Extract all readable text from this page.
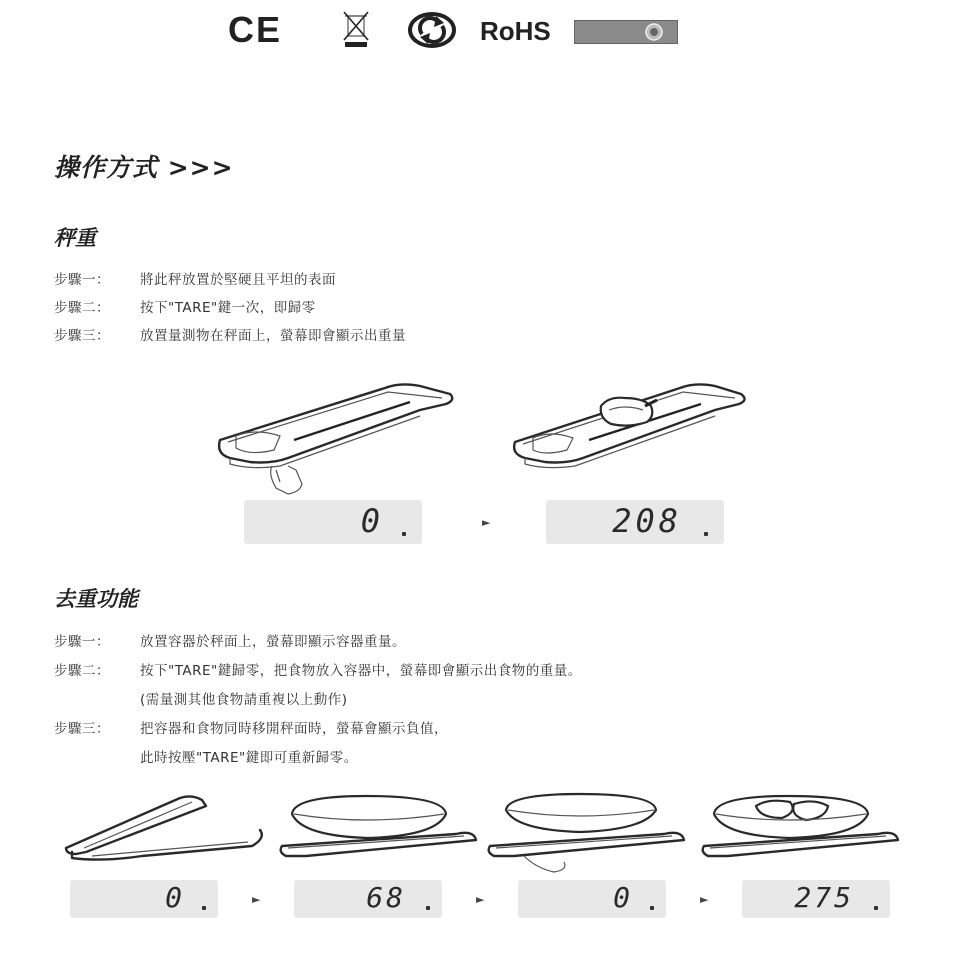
CE	RoHS
操作方式 >>>
秤重
步驟一： 將此秤放置於堅硬且平坦的表面
步驟二： 按下"TARE"鍵一次，即歸零
步驟三： 放置量測物在秤面上，螢幕即會顯示出重量
0	►	208
去重功能
步驟一： 放置容器於秤面上，螢幕即顯示容器重量。
步驟二： 按下"TARE"鍵歸零，把食物放入容器中，螢幕即會顯示出食物的重量。
(需量測其他食物請重複以上動作)
步驟三： 把容器和食物同時移開秤面時，螢幕會顯示負值，
此時按壓"TARE"鍵即可重新歸零。
0	►	68	►	0	►	275
